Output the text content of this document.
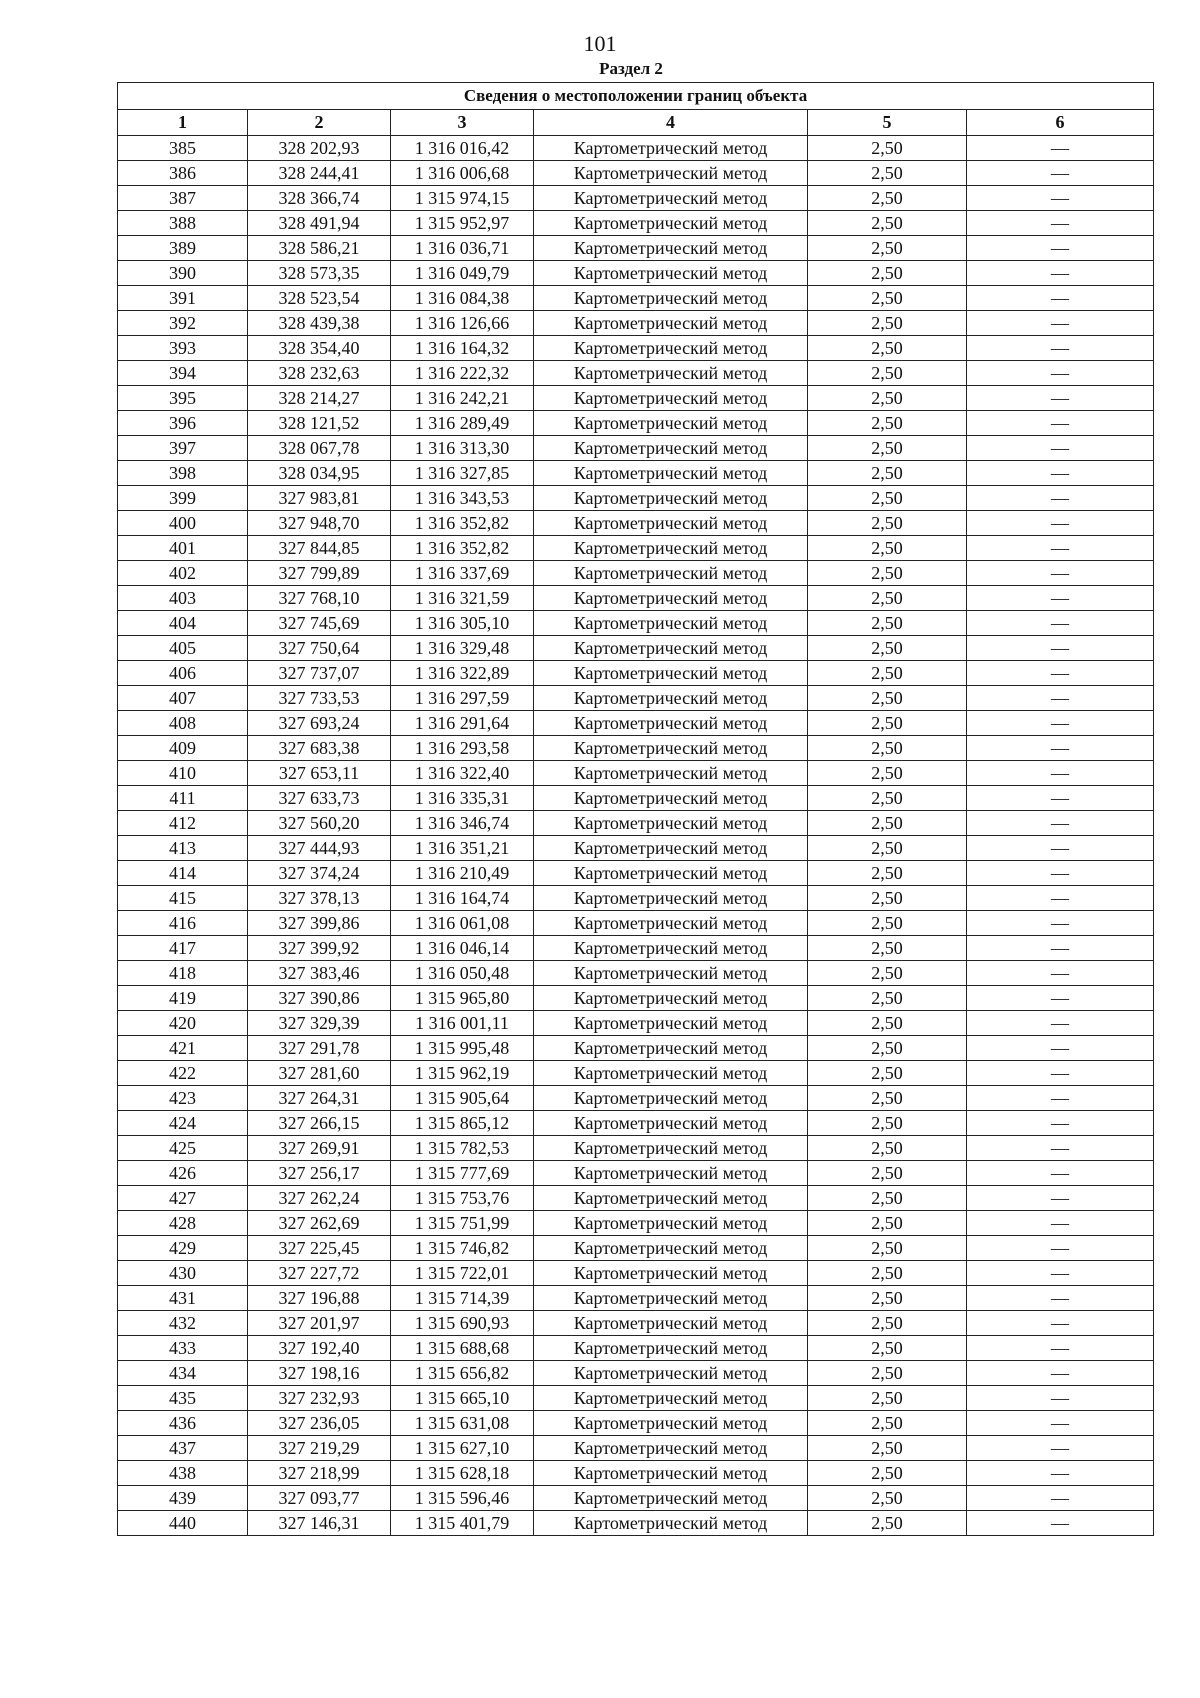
101
Раздел 2
Сведения о местоположении границ объекта					
1	2	3	4	5	6
385	328 202,93	1 316 016,42	Картометрический метод	2,50	—
386	328 244,41	1 316 006,68	Картометрический метод	2,50	—
387	328 366,74	1 315 974,15	Картометрический метод	2,50	—
388	328 491,94	1 315 952,97	Картометрический метод	2,50	—
389	328 586,21	1 316 036,71	Картометрический метод	2,50	—
390	328 573,35	1 316 049,79	Картометрический метод	2,50	—
391	328 523,54	1 316 084,38	Картометрический метод	2,50	—
392	328 439,38	1 316 126,66	Картометрический метод	2,50	—
393	328 354,40	1 316 164,32	Картометрический метод	2,50	—
394	328 232,63	1 316 222,32	Картометрический метод	2,50	—
395	328 214,27	1 316 242,21	Картометрический метод	2,50	—
396	328 121,52	1 316 289,49	Картометрический метод	2,50	—
397	328 067,78	1 316 313,30	Картометрический метод	2,50	—
398	328 034,95	1 316 327,85	Картометрический метод	2,50	—
399	327 983,81	1 316 343,53	Картометрический метод	2,50	—
400	327 948,70	1 316 352,82	Картометрический метод	2,50	—
401	327 844,85	1 316 352,82	Картометрический метод	2,50	—
402	327 799,89	1 316 337,69	Картометрический метод	2,50	—
403	327 768,10	1 316 321,59	Картометрический метод	2,50	—
404	327 745,69	1 316 305,10	Картометрический метод	2,50	—
405	327 750,64	1 316 329,48	Картометрический метод	2,50	—
406	327 737,07	1 316 322,89	Картометрический метод	2,50	—
407	327 733,53	1 316 297,59	Картометрический метод	2,50	—
408	327 693,24	1 316 291,64	Картометрический метод	2,50	—
409	327 683,38	1 316 293,58	Картометрический метод	2,50	—
410	327 653,11	1 316 322,40	Картометрический метод	2,50	—
411	327 633,73	1 316 335,31	Картометрический метод	2,50	—
412	327 560,20	1 316 346,74	Картометрический метод	2,50	—
413	327 444,93	1 316 351,21	Картометрический метод	2,50	—
414	327 374,24	1 316 210,49	Картометрический метод	2,50	—
415	327 378,13	1 316 164,74	Картометрический метод	2,50	—
416	327 399,86	1 316 061,08	Картометрический метод	2,50	—
417	327 399,92	1 316 046,14	Картометрический метод	2,50	—
418	327 383,46	1 316 050,48	Картометрический метод	2,50	—
419	327 390,86	1 315 965,80	Картометрический метод	2,50	—
420	327 329,39	1 316 001,11	Картометрический метод	2,50	—
421	327 291,78	1 315 995,48	Картометрический метод	2,50	—
422	327 281,60	1 315 962,19	Картометрический метод	2,50	—
423	327 264,31	1 315 905,64	Картометрический метод	2,50	—
424	327 266,15	1 315 865,12	Картометрический метод	2,50	—
425	327 269,91	1 315 782,53	Картометрический метод	2,50	—
426	327 256,17	1 315 777,69	Картометрический метод	2,50	—
427	327 262,24	1 315 753,76	Картометрический метод	2,50	—
428	327 262,69	1 315 751,99	Картометрический метод	2,50	—
429	327 225,45	1 315 746,82	Картометрический метод	2,50	—
430	327 227,72	1 315 722,01	Картометрический метод	2,50	—
431	327 196,88	1 315 714,39	Картометрический метод	2,50	—
432	327 201,97	1 315 690,93	Картометрический метод	2,50	—
433	327 192,40	1 315 688,68	Картометрический метод	2,50	—
434	327 198,16	1 315 656,82	Картометрический метод	2,50	—
435	327 232,93	1 315 665,10	Картометрический метод	2,50	—
436	327 236,05	1 315 631,08	Картометрический метод	2,50	—
437	327 219,29	1 315 627,10	Картометрический метод	2,50	—
438	327 218,99	1 315 628,18	Картометрический метод	2,50	—
439	327 093,77	1 315 596,46	Картометрический метод	2,50	—
440	327 146,31	1 315 401,79	Картометрический метод	2,50	—
